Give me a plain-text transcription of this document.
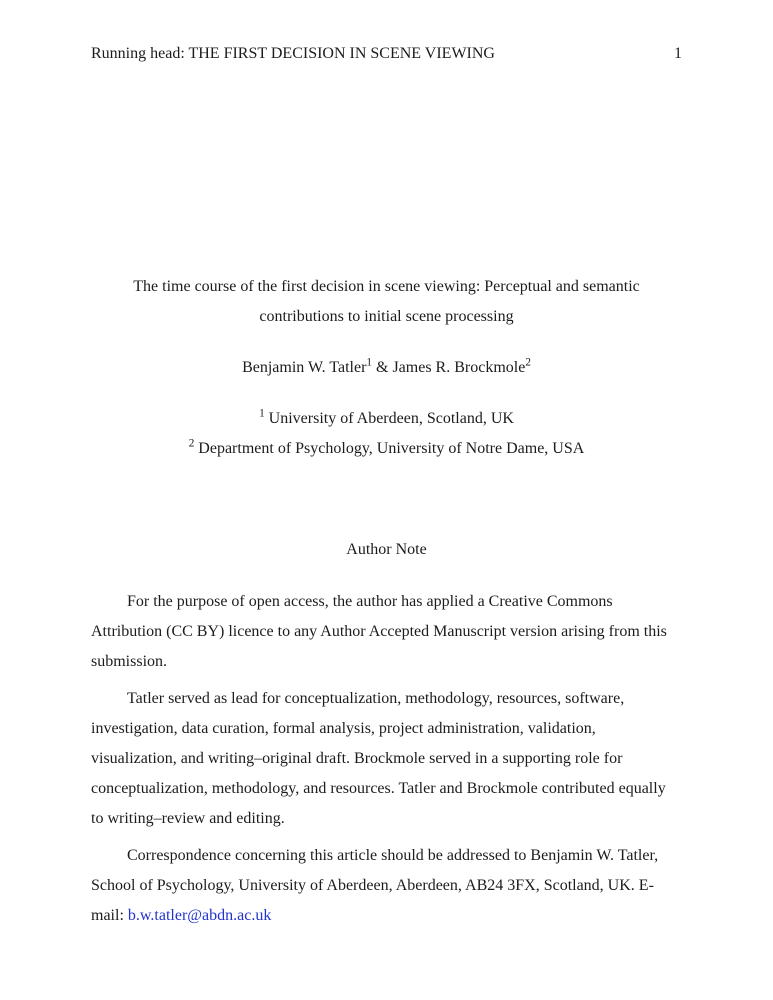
Running head: THE FIRST DECISION IN SCENE VIEWING	1

The time course of the first decision in scene viewing: Perceptual and semantic contributions to initial scene processing

Benjamin W. Tatler$^1$ & James R. Brockmole$^2$

$^1$ University of Aberdeen, Scotland, UK

$^2$ Department of Psychology, University of Notre Dame, USA

Author Note

For the purpose of open access, the author has applied a Creative Commons Attribution (CC BY) licence to any Author Accepted Manuscript version arising from this submission.

Tatler served as lead for conceptualization, methodology, resources, software, investigation, data curation, formal analysis, project administration, validation, visualization, and writing–original draft. Brockmole served in a supporting role for conceptualization, methodology, and resources. Tatler and Brockmole contributed equally to writing–review and editing.

Correspondence concerning this article should be addressed to Benjamin W. Tatler, School of Psychology, University of Aberdeen, Aberdeen, AB24 3FX, Scotland, UK. E-mail: b.w.tatler@abdn.ac.uk
